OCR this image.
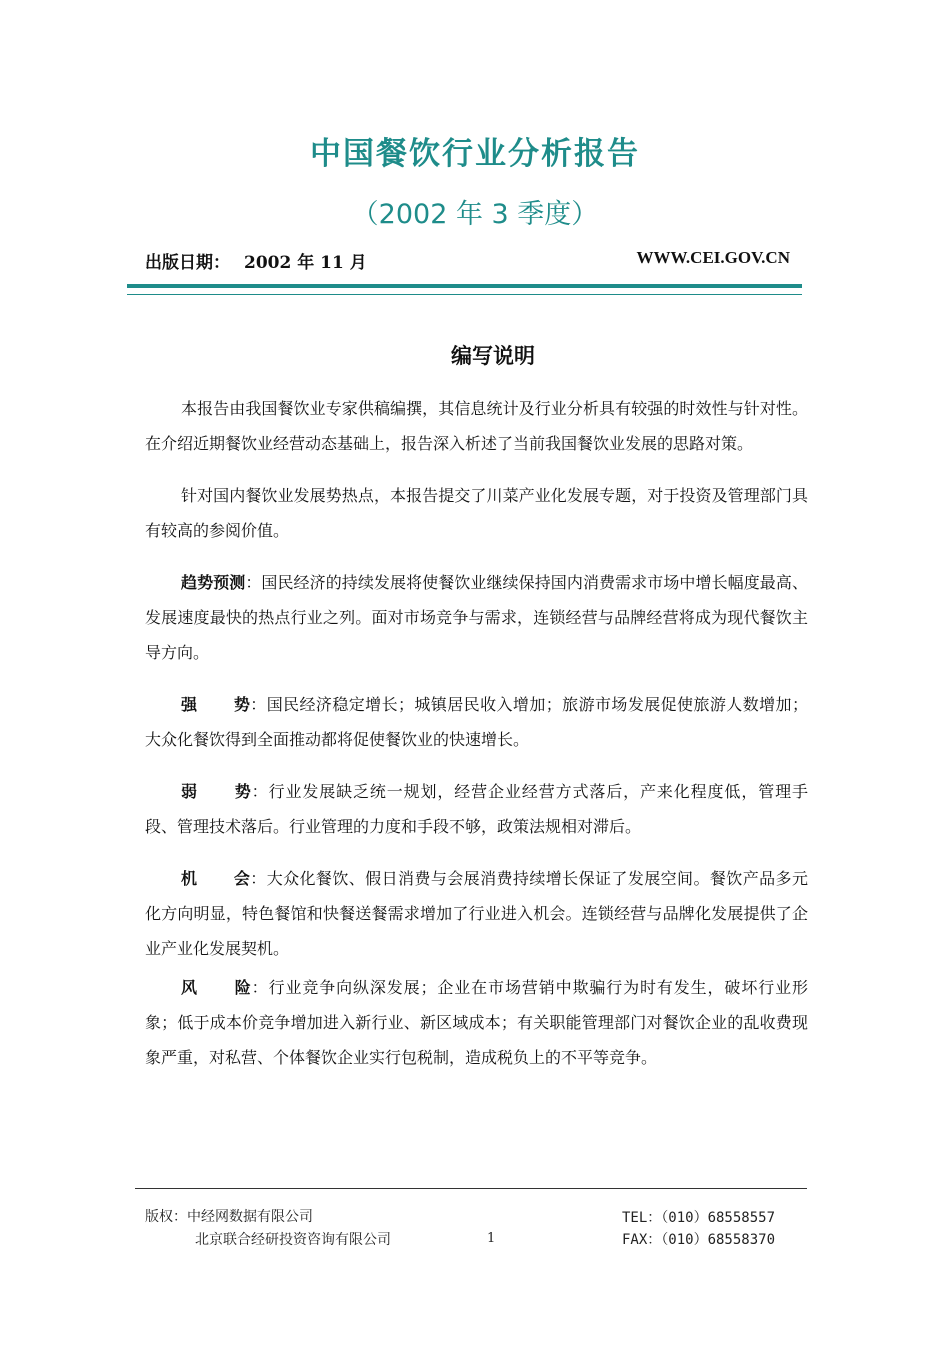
中国餐饮行业分析报告
（2002 年 3 季度）
出版日期： 2002 年 11 月	WWW.CEI.GOV.CN
编写说明

本报告由我国餐饮业专家供稿编撰，其信息统计及行业分析具有较强的时效性与针对性。在介绍近期餐饮业经营动态基础上，报告深入析述了当前我国餐饮业发展的思路对策。

针对国内餐饮业发展势热点，本报告提交了川菜产业化发展专题，对于投资及管理部门具有较高的参阅价值。

趋势预测：国民经济的持续发展将使餐饮业继续保持国内消费需求市场中增长幅度最高、发展速度最快的热点行业之列。面对市场竞争与需求，连锁经营与品牌经营将成为现代餐饮主导方向。

强 势：国民经济稳定增长；城镇居民收入增加；旅游市场发展促使旅游人数增加；大众化餐饮得到全面推动都将促使餐饮业的快速增长。

弱 势：行业发展缺乏统一规划，经营企业经营方式落后，产来化程度低，管理手段、管理技术落后。行业管理的力度和手段不够，政策法规相对滞后。

机 会：大众化餐饮、假日消费与会展消费持续增长保证了发展空间。餐饮产品多元化方向明显，特色餐馆和快餐送餐需求增加了行业进入机会。连锁经营与品牌化发展提供了企业产业化发展契机。

风 险：行业竞争向纵深发展；企业在市场营销中欺骗行为时有发生，破坏行业形象；低于成本价竞争增加进入新行业、新区域成本；有关职能管理部门对餐饮企业的乱收费现象严重，对私营、个体餐饮企业实行包税制，造成税负上的不平等竞争。

版权：中经网数据有限公司
北京联合经研投资咨询有限公司	1
TEL：（010）68558557
FAX：（010）68558370
